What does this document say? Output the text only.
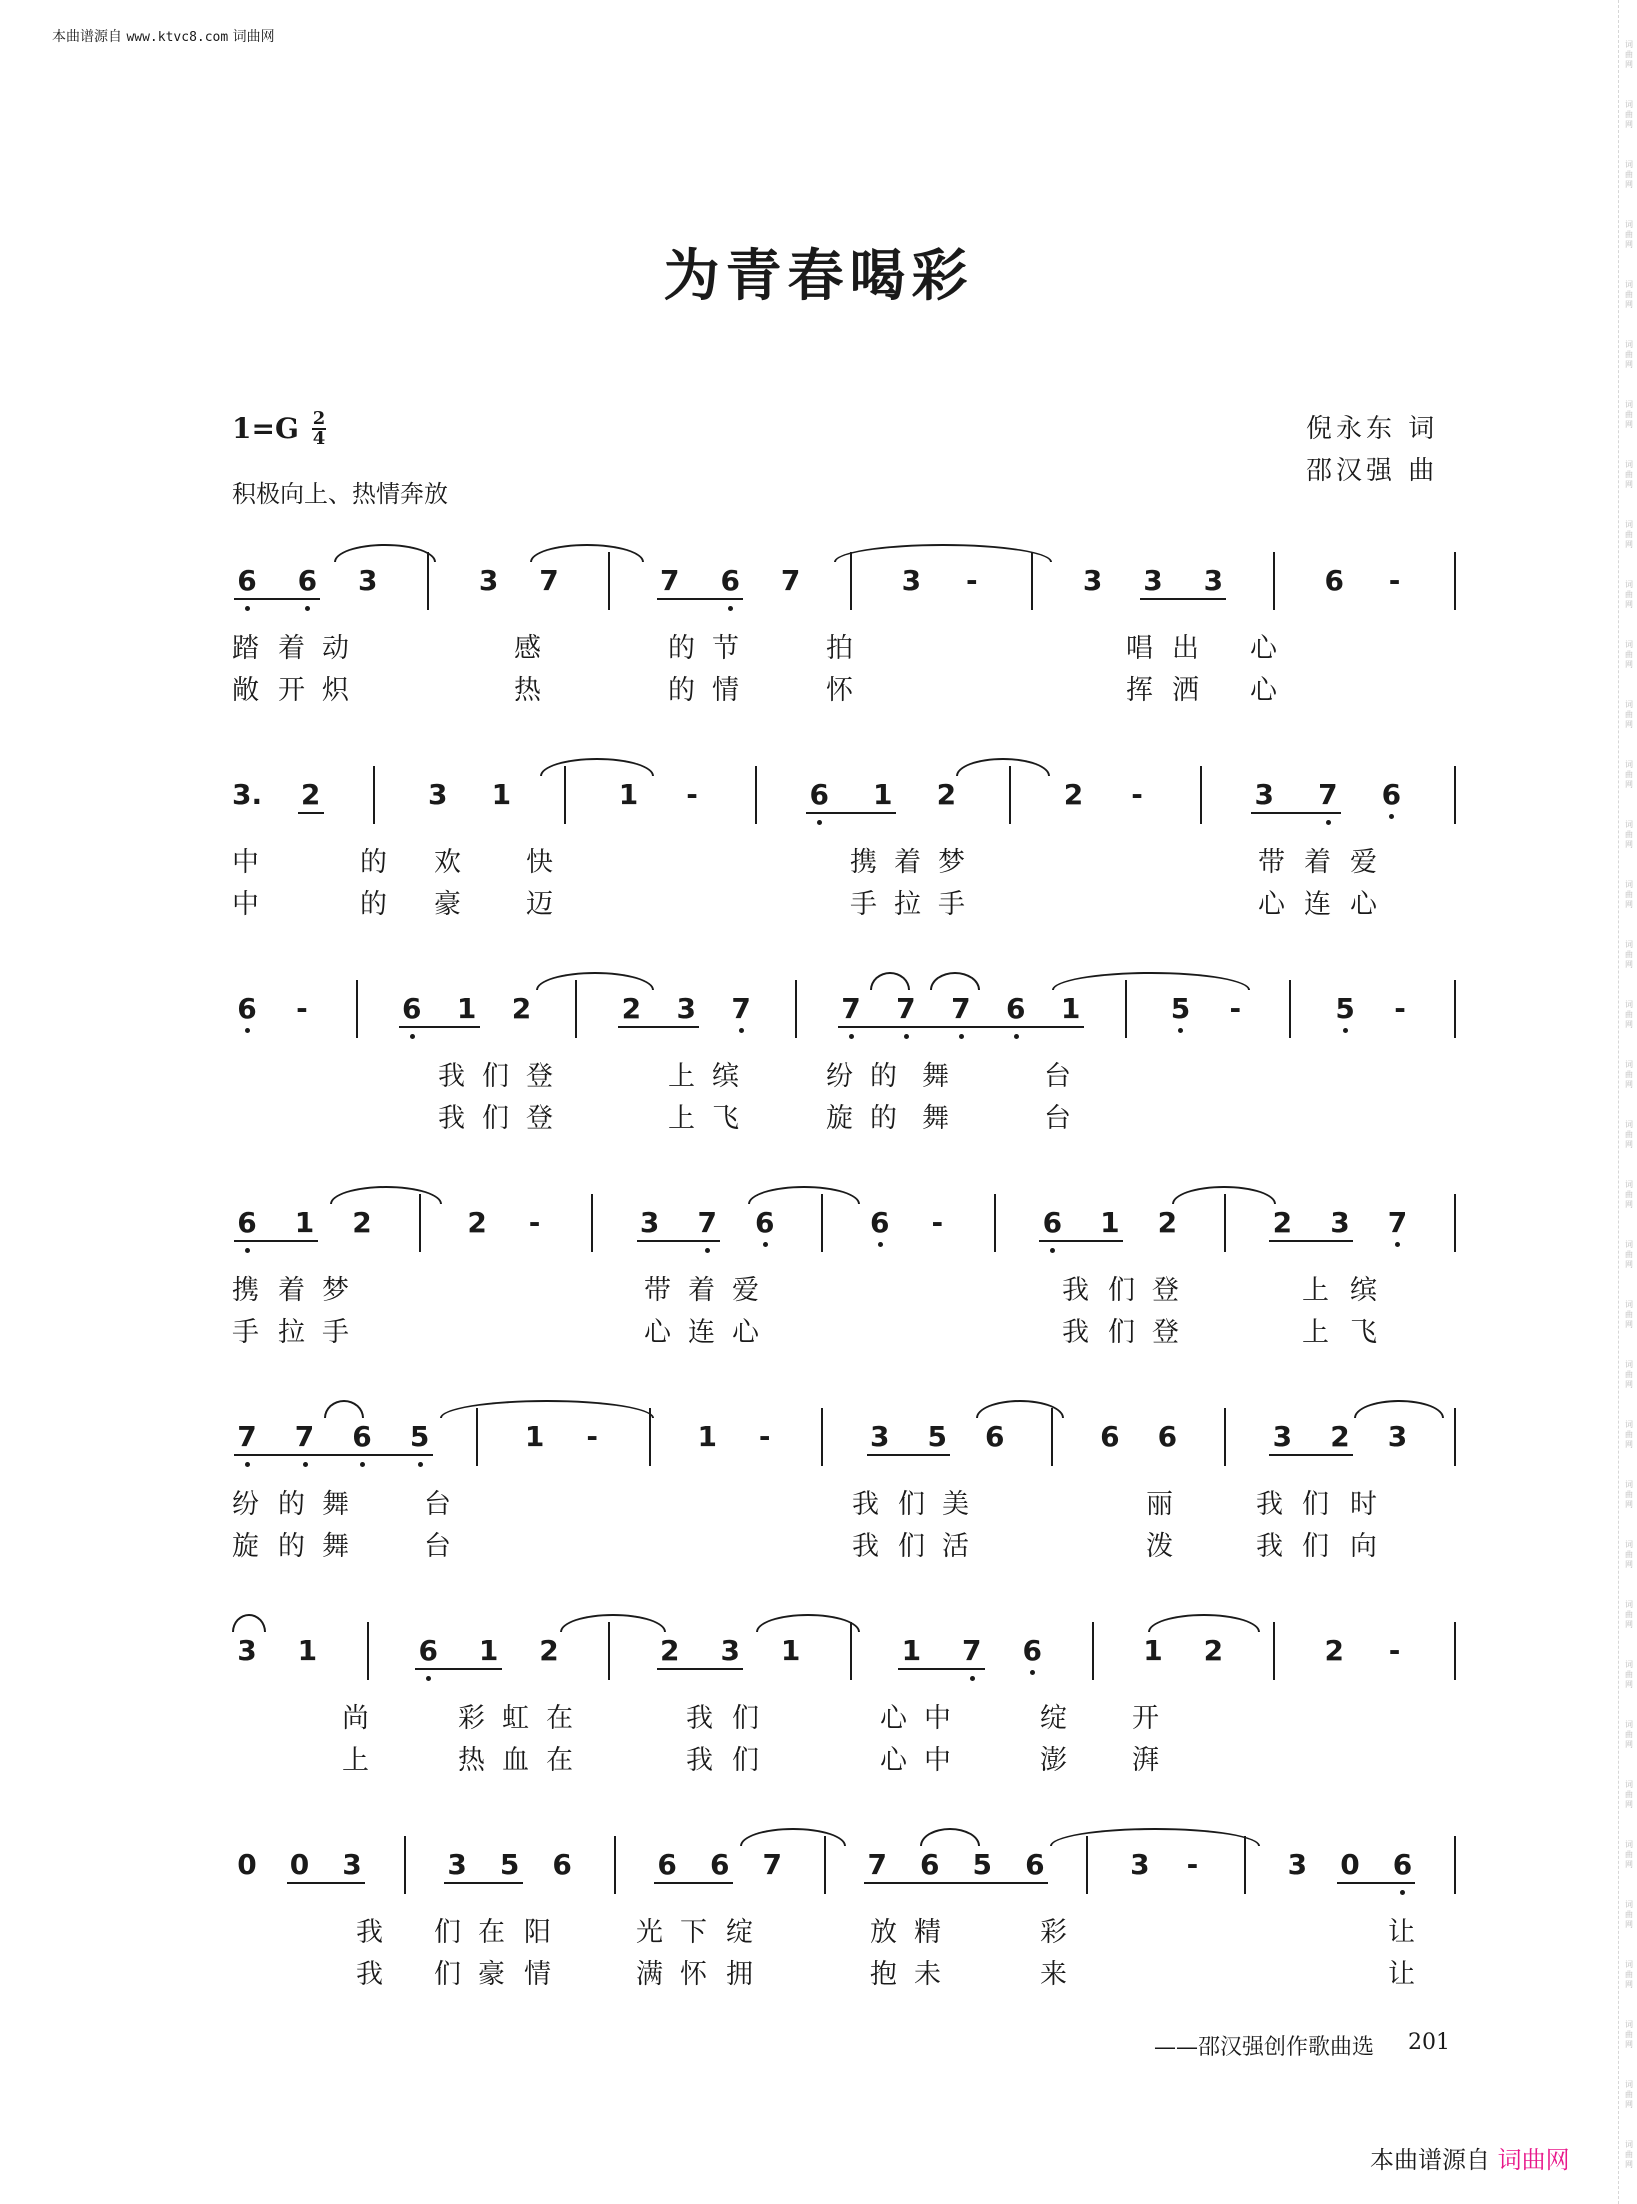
本曲谱源自 www.ktvc8.com 词曲网
为青春喝彩
1=G 2
4
积极向上、热情奔放
倪永东 词
邵汉强 曲
6 6 3	3 7	7 6 7	3	-	3 3 3	6	-
踏 着 动	感	的 节	拍	唱 出 心
敞 开 炽	热	的 情	怀	挥 洒 心
3. 2	3 1	1	-	6 1 2	2	-	3 7 6
中	的 欢 快	携 着 梦	带 着 爱
中	的 豪 迈	手 拉 手	心 连 心
6	-	6 1 2	2 3 7	7 7 7 6 1	5	-	5	-
我 们 登	上 缤	纷 的 舞	台
我 们 登	上 飞	旋 的 舞	台
6 1 2	2	-	3 7 6	6	-	6 1 2	2 3 7
携 着 梦	带 着 爱	我 们 登	上 缤
手 拉 手	心 连 心	我 们 登	上 飞
7 7 6 5	1	-	1	-	3 5 6	6 6	3 2 3
纷 的 舞	台	我 们 美	丽	我 们 时
旋 的 舞	台	我 们 活	泼	我 们 向
3 1	6 1 2	2 3 1	1 7 6	1 2	2	-
尚	彩 虹 在	我 们	心 中	绽 开
上	热 血 在	我 们	心 中	澎 湃
0 0 3	3 5 6	6 6 7	7 6 5 6	3	-	3 0 6
我 们 在 阳	光 下 绽	放 精	彩	让
我 们 豪 情	满 怀 拥	抱 未	来	让
——邵汉强创作歌曲选 201
本曲谱源自 词曲网
词曲网
词曲网
词曲网
词曲网
词曲网
词曲网
词曲网
词曲网
词曲网
词曲网
词曲网
词曲网
词曲网
词曲网
词曲网
词曲网
词曲网
词曲网
词曲网
词曲网
词曲网
词曲网
词曲网
词曲网
词曲网
词曲网
词曲网
词曲网
词曲网
词曲网
词曲网
词曲网
词曲网
词曲网
词曲网
词曲网
